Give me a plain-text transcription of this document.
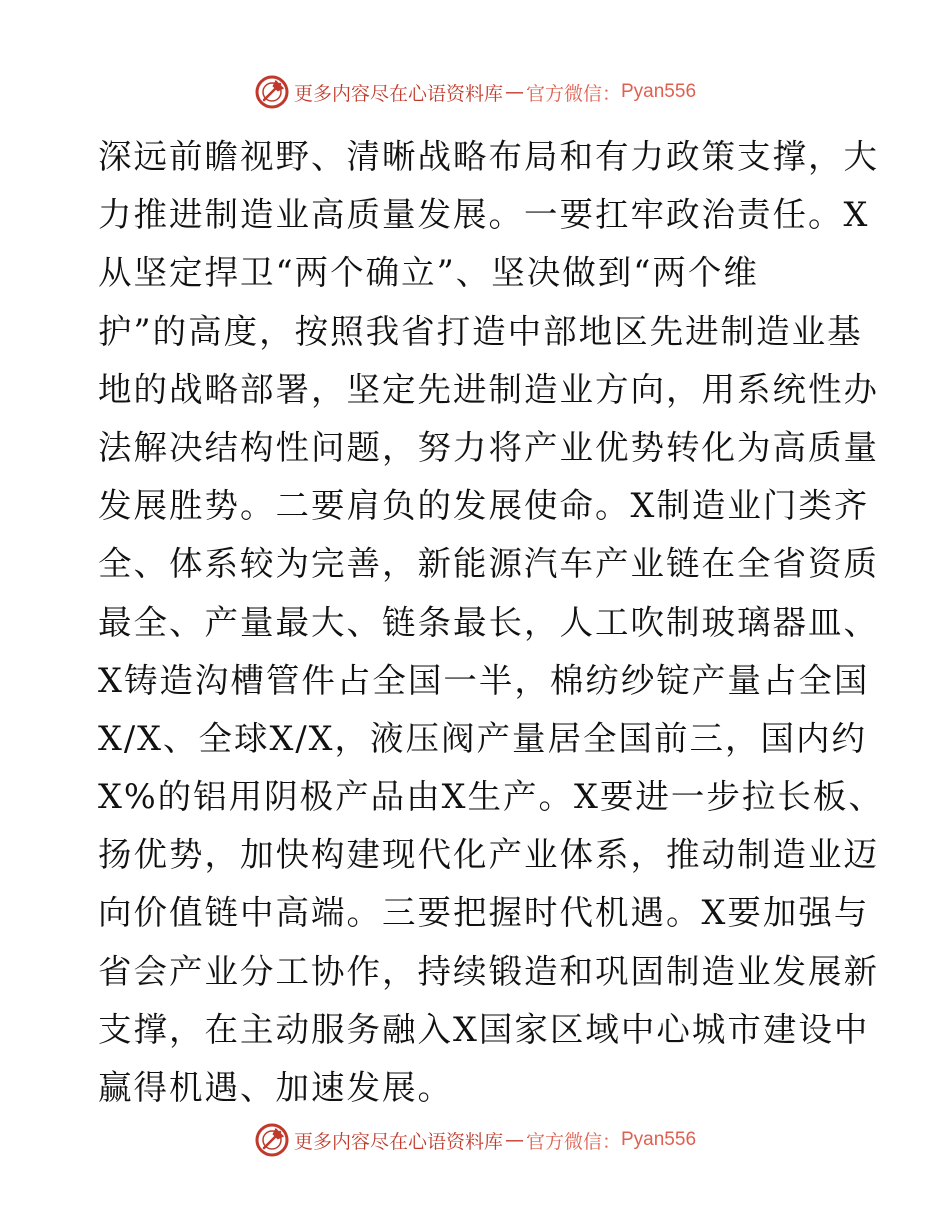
更多内容尽在心语资料库 — 官方微信： Pyan556
深远前瞻视野、清晰战略布局和有力政策支撑，大
力推进制造业高质量发展。一要扛牢政治责任。X
从坚定捍卫“两个确立”、坚决做到“两个维
护”的高度，按照我省打造中部地区先进制造业基
地的战略部署，坚定先进制造业方向，用系统性办
法解决结构性问题，努力将产业优势转化为高质量
发展胜势。二要肩负的发展使命。X制造业门类齐
全、体系较为完善，新能源汽车产业链在全省资质
最全、产量最大、链条最长，人工吹制玻璃器皿、
X铸造沟槽管件占全国一半，棉纺纱锭产量占全国
X/X、全球X/X，液压阀产量居全国前三，国内约
X%的铝用阴极产品由X生产。X要进一步拉长板、
扬优势，加快构建现代化产业体系，推动制造业迈
向价值链中高端。三要把握时代机遇。X要加强与
省会产业分工协作，持续锻造和巩固制造业发展新
支撑，在主动服务融入X国家区域中心城市建设中
赢得机遇、加速发展。
更多内容尽在心语资料库 — 官方微信： Pyan556
